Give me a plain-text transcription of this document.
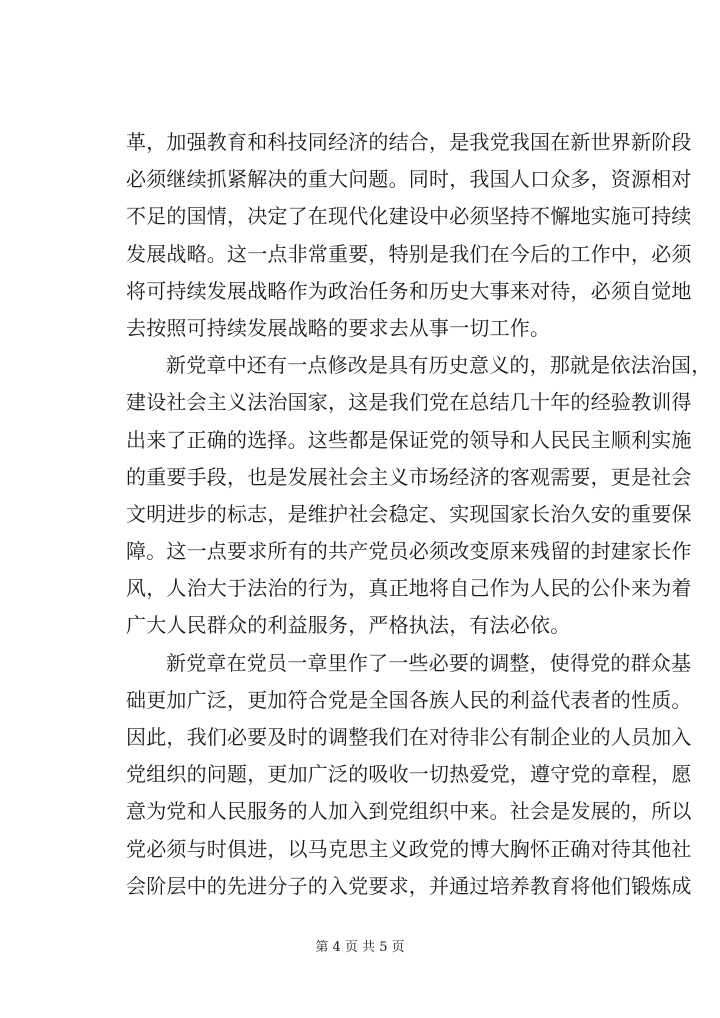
革，加强教育和科技同经济的结合，是我党我国在新世界新阶段
必须继续抓紧解决的重大问题。同时，我国人口众多，资源相对
不足的国情，决定了在现代化建设中必须坚持不懈地实施可持续
发展战略。这一点非常重要，特别是我们在今后的工作中，必须
将可持续发展战略作为政治任务和历史大事来对待，必须自觉地
去按照可持续发展战略的要求去从事一切工作。
新党章中还有一点修改是具有历史意义的，那就是依法治国，
建设社会主义法治国家，这是我们党在总结几十年的经验教训得
出来了正确的选择。这些都是保证党的领导和人民民主顺利实施
的重要手段，也是发展社会主义市场经济的客观需要，更是社会
文明进步的标志，是维护社会稳定、实现国家长治久安的重要保
障。这一点要求所有的共产党员必须改变原来残留的封建家长作
风，人治大于法治的行为，真正地将自己作为人民的公仆来为着
广大人民群众的利益服务，严格执法，有法必依。
新党章在党员一章里作了一些必要的调整，使得党的群众基
础更加广泛，更加符合党是全国各族人民的利益代表者的性质。
因此，我们必要及时的调整我们在对待非公有制企业的人员加入
党组织的问题，更加广泛的吸收一切热爱党，遵守党的章程，愿
意为党和人民服务的人加入到党组织中来。社会是发展的，所以
党必须与时俱进，以马克思主义政党的博大胸怀正确对待其他社
会阶层中的先进分子的入党要求，并通过培养教育将他们锻炼成
第 4 页 共 5 页
